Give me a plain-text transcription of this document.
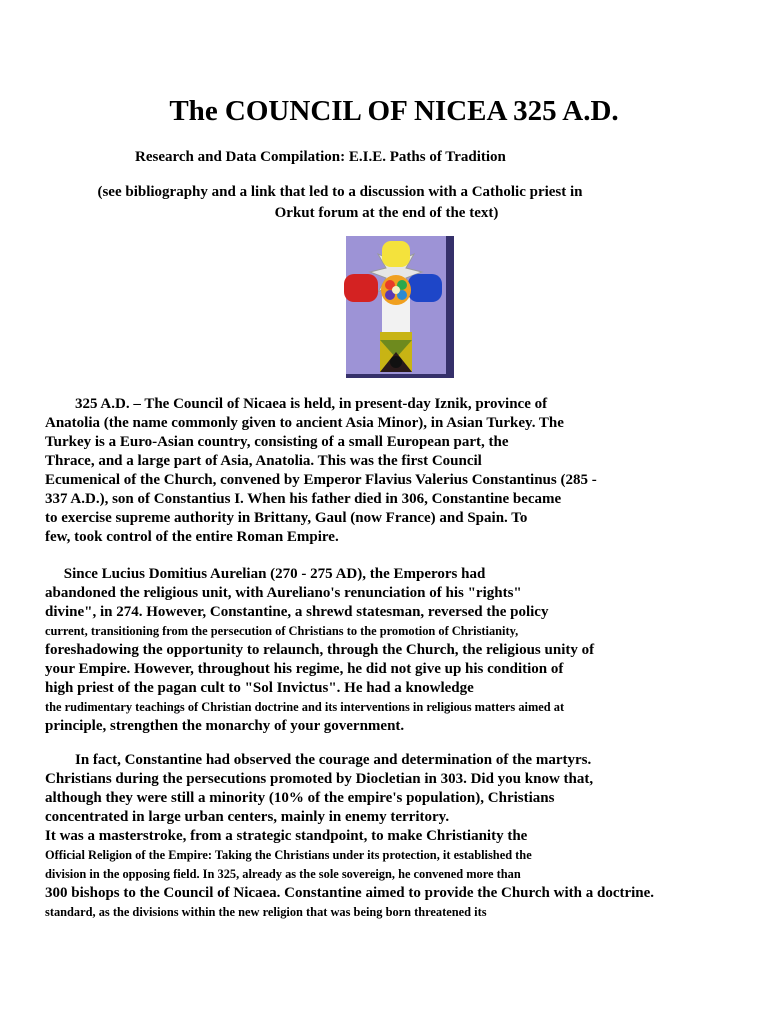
The COUNCIL OF NICEA 325 A.D.
Research and Data Compilation: E.I.E. Paths of Tradition
(see bibliography and a link that led to a discussion with a Catholic priest in
Orkut forum at the end of the text)
325 A.D. – The Council of Nicaea is held, in present-day Iznik, province of
Anatolia (the name commonly given to ancient Asia Minor), in Asian Turkey. The
Turkey is a Euro-Asian country, consisting of a small European part, the
Thrace, and a large part of Asia, Anatolia. This was the first Council
Ecumenical of the Church, convened by Emperor Flavius Valerius Constantinus (285 -
337 A.D.), son of Constantius I. When his father died in 306, Constantine became
to exercise supreme authority in Brittany, Gaul (now France) and Spain. To
few, took control of the entire Roman Empire.
Since Lucius Domitius Aurelian (270 - 275 AD), the Emperors had
abandoned the religious unit, with Aureliano's renunciation of his "rights"
divine", in 274. However, Constantine, a shrewd statesman, reversed the policy
current, transitioning from the persecution of Christians to the promotion of Christianity,
foreshadowing the opportunity to relaunch, through the Church, the religious unity of
your Empire. However, throughout his regime, he did not give up his condition of
high priest of the pagan cult to "Sol Invictus". He had a knowledge
the rudimentary teachings of Christian doctrine and its interventions in religious matters aimed at
principle, strengthen the monarchy of your government.
In fact, Constantine had observed the courage and determination of the martyrs.
Christians during the persecutions promoted by Diocletian in 303. Did you know that,
although they were still a minority (10% of the empire's population), Christians
concentrated in large urban centers, mainly in enemy territory.
It was a masterstroke, from a strategic standpoint, to make Christianity the
Official Religion of the Empire: Taking the Christians under its protection, it established the
division in the opposing field. In 325, already as the sole sovereign, he convened more than
300 bishops to the Council of Nicaea. Constantine aimed to provide the Church with a doctrine.
standard, as the divisions within the new religion that was being born threatened its
